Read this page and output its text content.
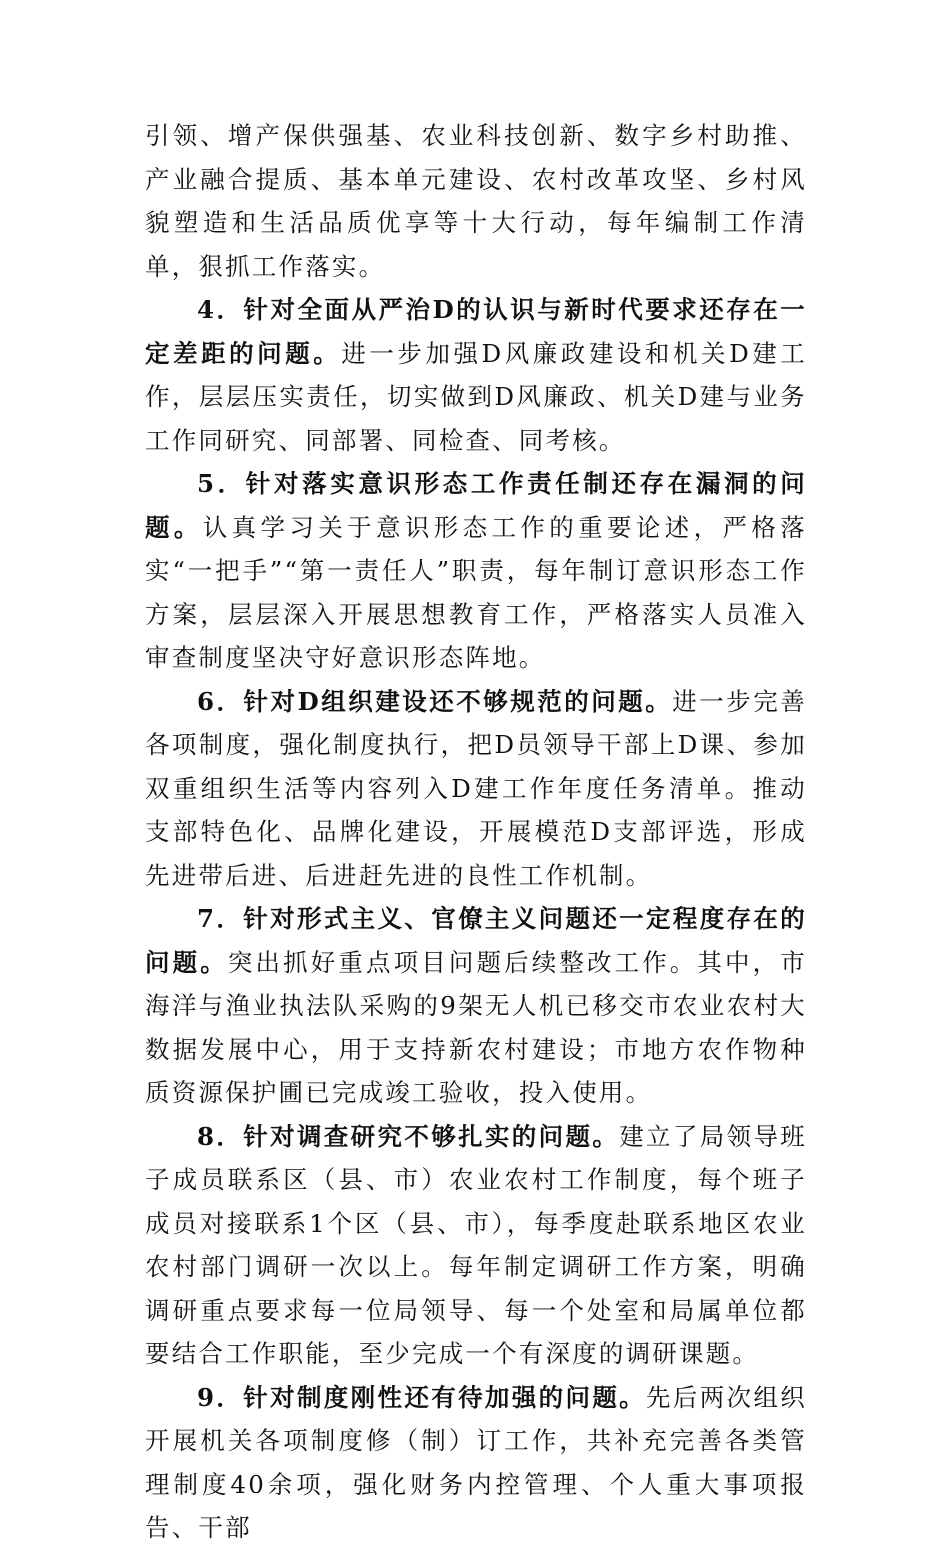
引领、增产保供强基、农业科技创新、数字乡村助推、产业融合提质、基本单元建设、农村改革攻坚、乡村风貌塑造和生活品质优享等十大行动，每年编制工作清单，狠抓工作落实。

4．针对全面从严治D的认识与新时代要求还存在一定差距的问题。进一步加强D风廉政建设和机关D建工作，层层压实责任，切实做到D风廉政、机关D建与业务工作同研究、同部署、同检查、同考核。

5．针对落实意识形态工作责任制还存在漏洞的问题。认真学习关于意识形态工作的重要论述，严格落实“一把手”“第一责任人”职责，每年制订意识形态工作方案，层层深入开展思想教育工作，严格落实人员准入审查制度坚决守好意识形态阵地。

6．针对D组织建设还不够规范的问题。进一步完善各项制度，强化制度执行，把D员领导干部上D课、参加双重组织生活等内容列入D建工作年度任务清单。推动支部特色化、品牌化建设，开展模范D支部评选，形成先进带后进、后进赶先进的良性工作机制。

7．针对形式主义、官僚主义问题还一定程度存在的问题。突出抓好重点项目问题后续整改工作。其中，市海洋与渔业执法队采购的9架无人机已移交市农业农村大数据发展中心，用于支持新农村建设；市地方农作物种质资源保护圃已完成竣工验收，投入使用。

8．针对调查研究不够扎实的问题。建立了局领导班子成员联系区（县、市）农业农村工作制度，每个班子成员对接联系1个区（县、市），每季度赴联系地区农业农村部门调研一次以上。每年制定调研工作方案，明确调研重点要求每一位局领导、每一个处室和局属单位都要结合工作职能，至少完成一个有深度的调研课题。

9．针对制度刚性还有待加强的问题。先后两次组织开展机关各项制度修（制）订工作，共补充完善各类管理制度40余项，强化财务内控管理、个人重大事项报告、干部
